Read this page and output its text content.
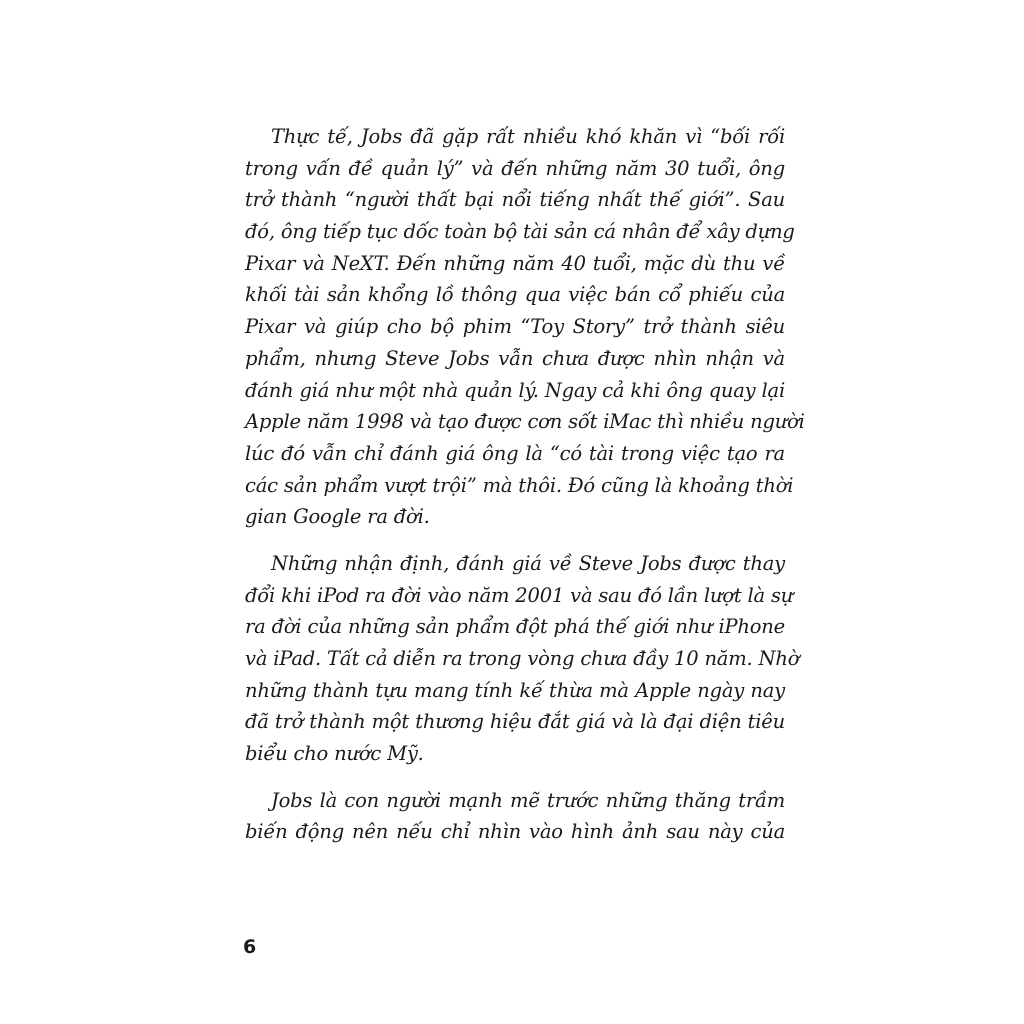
Thực tế, Jobs đã gặp rất nhiều khó khăn vì “bối rối
trong vấn đề quản lý” và đến những năm 30 tuổi, ông
trở thành “người thất bại nổi tiếng nhất thế giới”. Sau
đó, ông tiếp tục dốc toàn bộ tài sản cá nhân để xây dựng
Pixar và NeXT. Đến những năm 40 tuổi, mặc dù thu về
khối tài sản khổng lồ thông qua việc bán cổ phiếu của
Pixar và giúp cho bộ phim “Toy Story” trở thành siêu
phẩm, nhưng Steve Jobs vẫn chưa được nhìn nhận và
đánh giá như một nhà quản lý. Ngay cả khi ông quay lại
Apple năm 1998 và tạo được cơn sốt iMac thì nhiều người
lúc đó vẫn chỉ đánh giá ông là “có tài trong việc tạo ra
các sản phẩm vượt trội” mà thôi. Đó cũng là khoảng thời
gian Google ra đời.

Những nhận định, đánh giá về Steve Jobs được thay
đổi khi iPod ra đời vào năm 2001 và sau đó lần lượt là sự
ra đời của những sản phẩm đột phá thế giới như iPhone
và iPad. Tất cả diễn ra trong vòng chưa đầy 10 năm. Nhờ
những thành tựu mang tính kế thừa mà Apple ngày nay
đã trở thành một thương hiệu đắt giá và là đại diện tiêu
biểu cho nước Mỹ.

Jobs là con người mạnh mẽ trước những thăng trầm
biến động nên nếu chỉ nhìn vào hình ảnh sau này của

6
